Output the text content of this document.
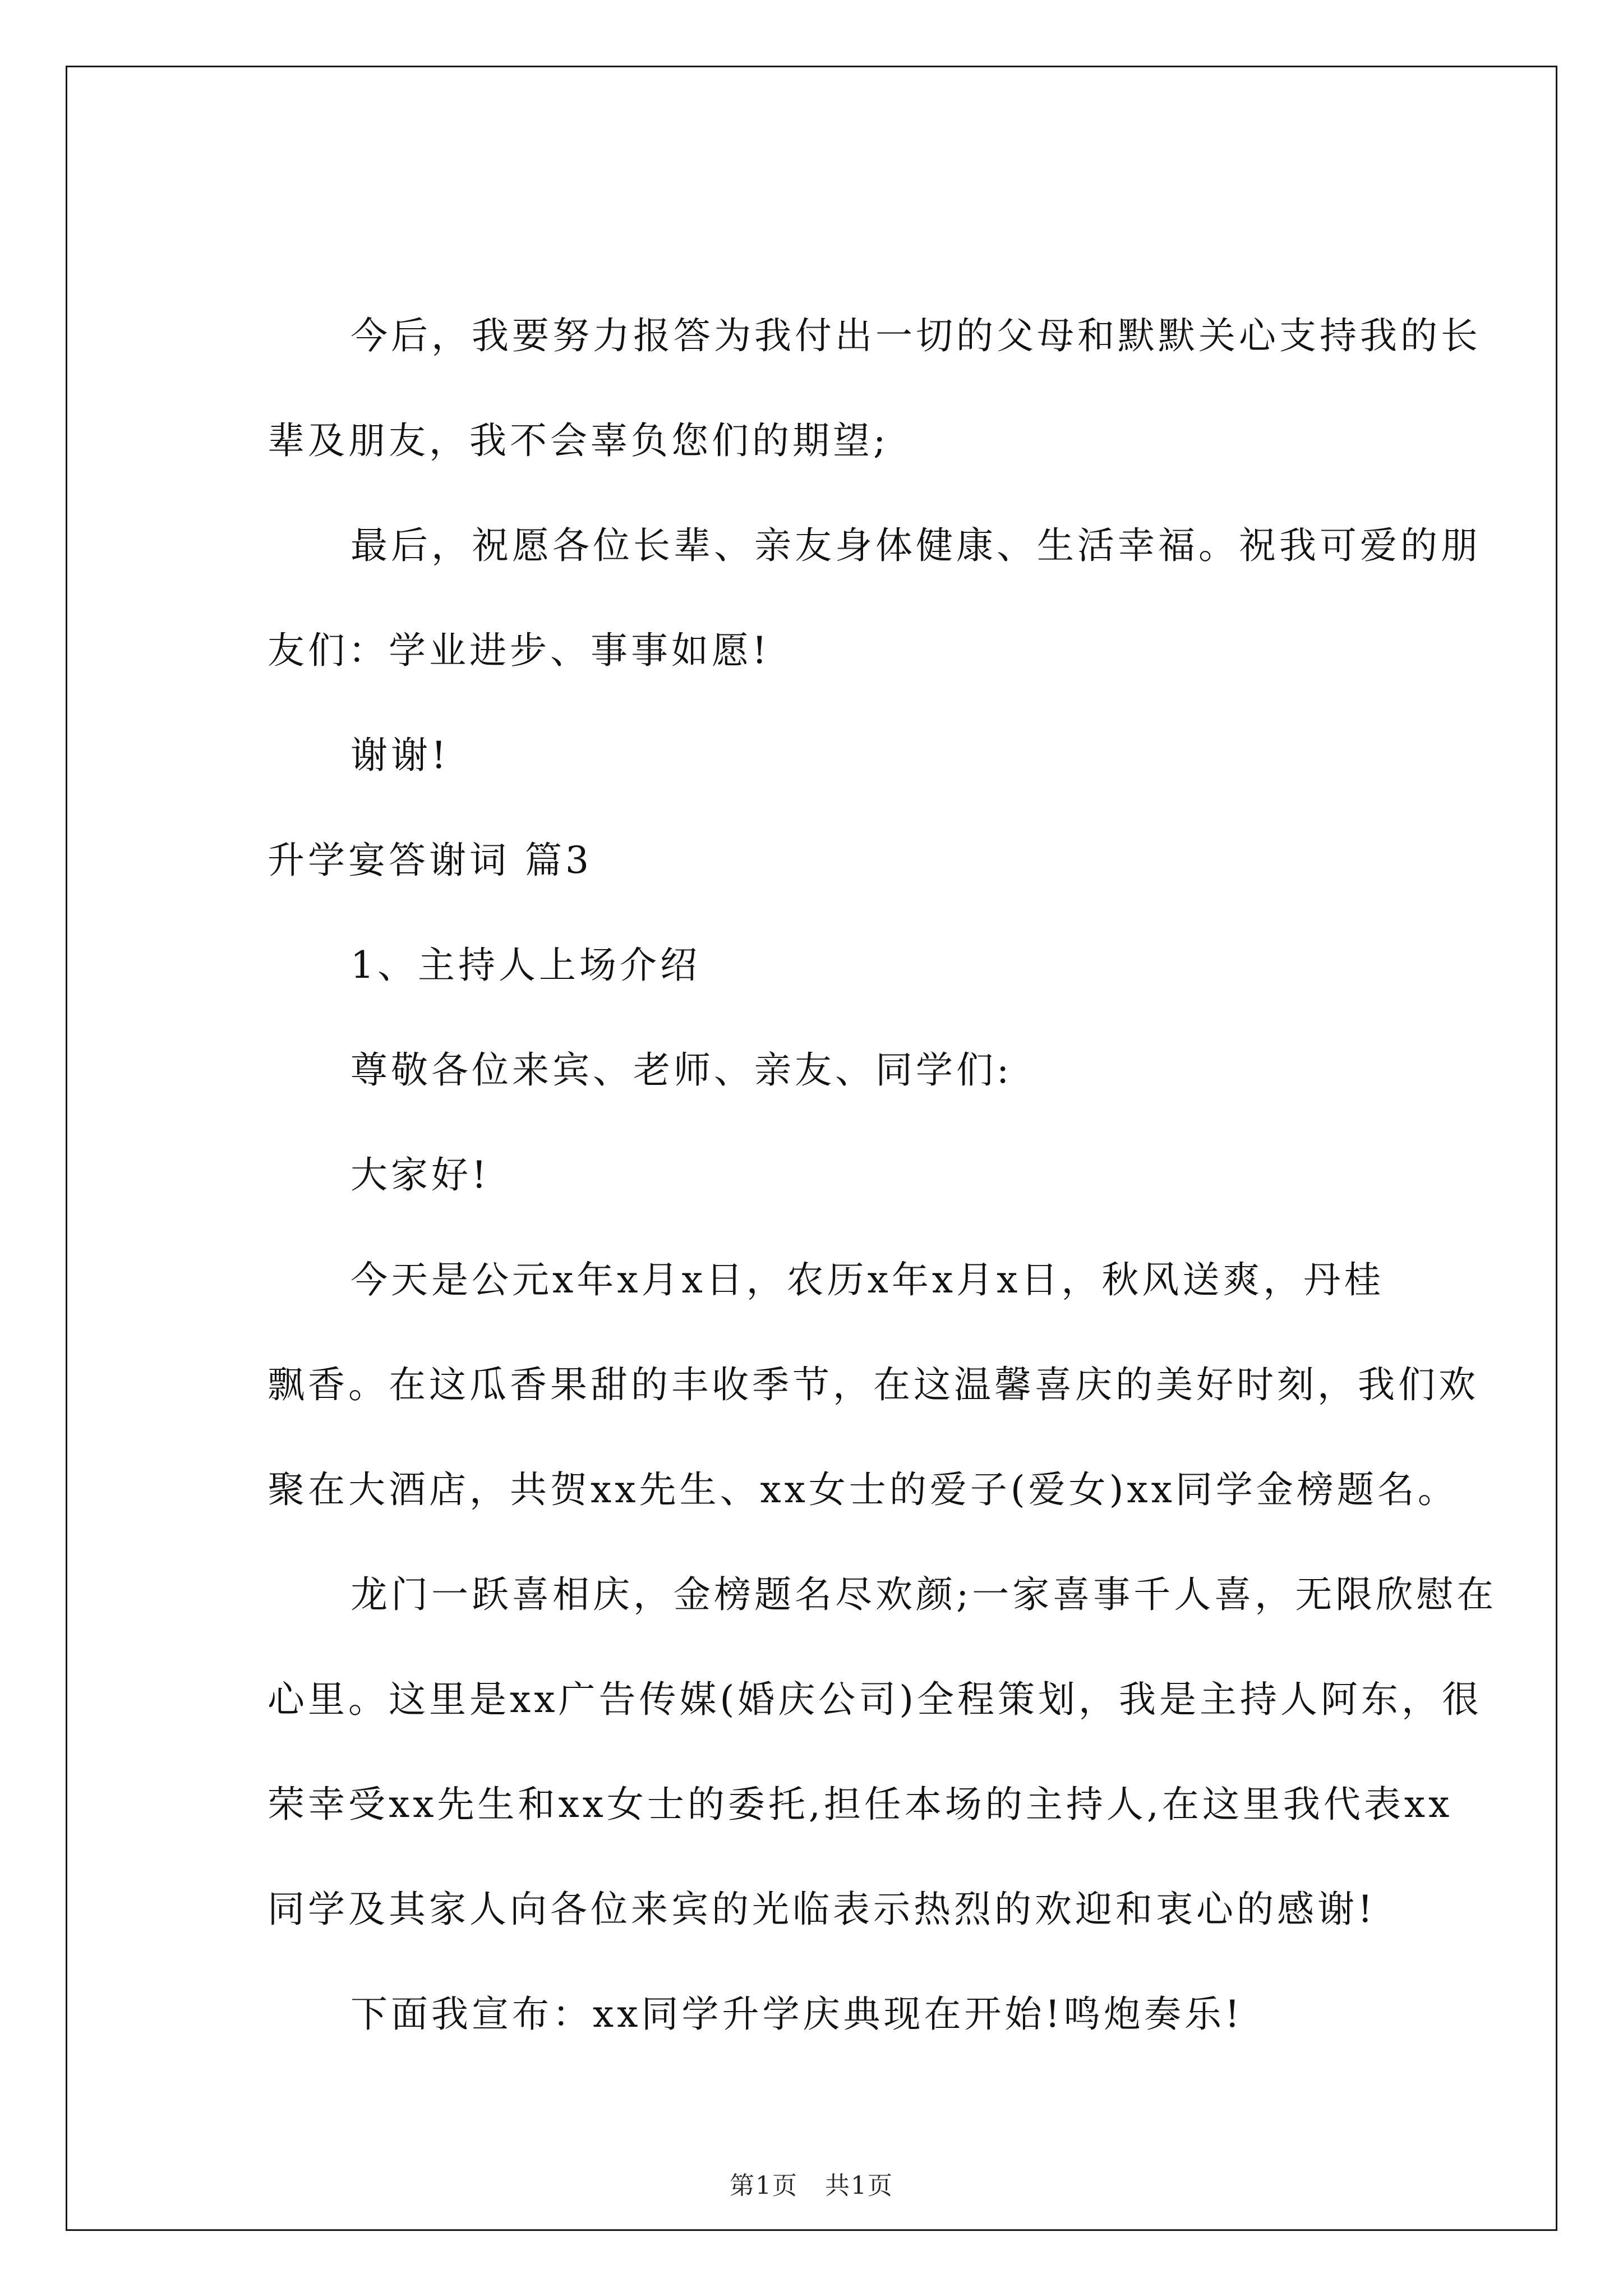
今后，我要努力报答为我付出一切的父母和默默关心支持我的长

辈及朋友，我不会辜负您们的期望;

最后，祝愿各位长辈、亲友身体健康、生活幸福。祝我可爱的朋

友们：学业进步、事事如愿!

谢谢!

升学宴答谢词 篇3

1、主持人上场介绍

尊敬各位来宾、老师、亲友、同学们:

大家好!

今天是公元x年x月x日，农历x年x月x日，秋风送爽，丹桂

飘香。在这瓜香果甜的丰收季节，在这温馨喜庆的美好时刻，我们欢

聚在大酒店，共贺xx先生、xx女士的爱子(爱女)xx同学金榜题名。

龙门一跃喜相庆，金榜题名尽欢颜;一家喜事千人喜，无限欣慰在

心里。这里是xx广告传媒(婚庆公司)全程策划，我是主持人阿东，很

荣幸受xx先生和xx女士的委托,担任本场的主持人,在这里我代表xx

同学及其家人向各位来宾的光临表示热烈的欢迎和衷心的感谢!

下面我宣布：xx同学升学庆典现在开始!鸣炮奏乐!

第1页 共1页
